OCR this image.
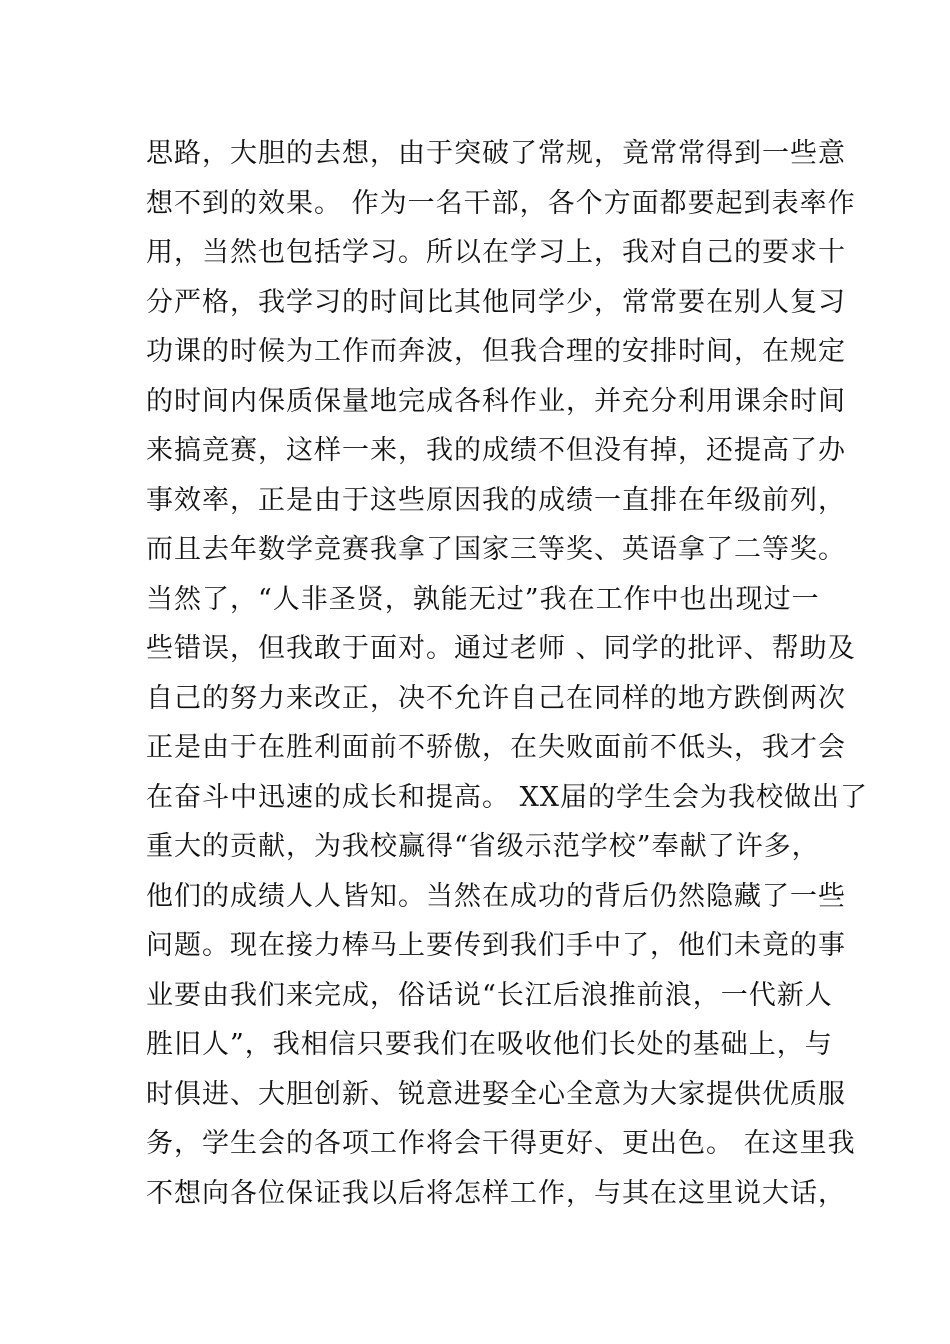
思路，大胆的去想，由于突破了常规，竟常常得到一些意
想不到的效果。 作为一名干部，各个方面都要起到表率作
用，当然也包括学习。所以在学习上，我对自己的要求十
分严格，我学习的时间比其他同学少，常常要在别人复习
功课的时候为工作而奔波，但我合理的安排时间，在规定
的时间内保质保量地完成各科作业，并充分利用课余时间
来搞竞赛，这样一来，我的成绩不但没有掉，还提高了办
事效率，正是由于这些原因我的成绩一直排在年级前列，
而且去年数学竞赛我拿了国家三等奖、英语拿了二等奖。
当然了，“人非圣贤，孰能无过”我在工作中也出现过一
些错误，但我敢于面对。通过老师 、同学的批评、帮助及
自己的努力来改正，决不允许自己在同样的地方跌倒两次
正是由于在胜利面前不骄傲，在失败面前不低头，我才会
在奋斗中迅速的成长和提高。 XX届的学生会为我校做出了
重大的贡献，为我校赢得“省级示范学校”奉献了许多，
他们的成绩人人皆知。当然在成功的背后仍然隐藏了一些
问题。现在接力棒马上要传到我们手中了，他们未竟的事
业要由我们来完成，俗话说“长江后浪推前浪，一代新人
胜旧人”，我相信只要我们在吸收他们长处的基础上，与
时俱进、大胆创新、锐意进娶全心全意为大家提供优质服
务，学生会的各项工作将会干得更好、更出色。 在这里我
不想向各位保证我以后将怎样工作，与其在这里说大话，
